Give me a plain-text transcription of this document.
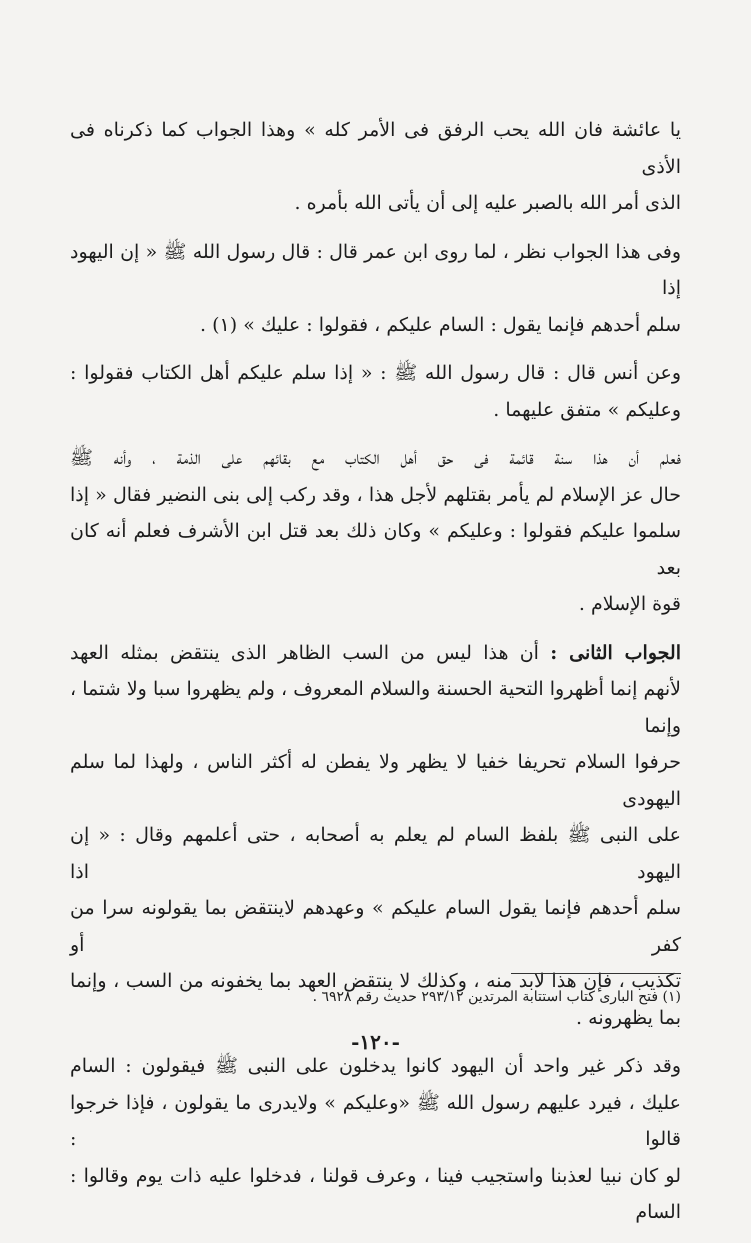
يا عائشة فان الله يحب الرفق فى الأمر كله » وهذا الجواب كما ذكرناه فى الأذى
الذى أمر الله بالصبر عليه إلى أن يأتى الله بأمره .

وفى هذا الجواب نظر ، لما روى ابن عمر قال : قال رسول الله ﷺ « إن اليهود إذا
سلم أحدهم فإنما يقول : السام عليكم ، فقولوا : عليك » (١) .

وعن أنس قال : قال رسول الله ﷺ : « إذا سلم عليكم أهل الكتاب فقولوا :
وعليكم » متفق عليهما .

فعلم أن هذا سنة قائمة فى حق أهل الكتاب مع بقائهم على الذمة ، وأنه ﷺ
حال عز الإسلام لم يأمر بقتلهم لأجل هذا ، وقد ركب إلى بنى النضير فقال « إذا
سلموا عليكم فقولوا : وعليكم » وكان ذلك بعد قتل ابن الأشرف فعلم أنه كان بعد
قوة الإسلام .

الجواب الثانى : أن هذا ليس من السب الظاهر الذى ينتقض بمثله العهد
لأنهم إنما أظهروا التحية الحسنة والسلام المعروف ، ولم يظهروا سبا ولا شتما ، وإنما
حرفوا السلام تحريفا خفيا لا يظهر ولا يفطن له أكثر الناس ، ولهذا لما سلم اليهودى
على النبى ﷺ بلفظ السام لم يعلم به أصحابه ، حتى أعلمهم وقال : « إن اليهود اذا
سلم أحدهم فإنما يقول السام عليكم » وعهدهم لاينتقض بما يقولونه سرا من كفر أو
تكذيب ، فإن هذا لابد منه ، وكذلك لا ينتقض العهد بما يخفونه من السب ، وإنما
بما يظهرونه .

وقد ذكر غير واحد أن اليهود كانوا يدخلون على النبى ﷺ فيقولون : السام
عليك ، فيرد عليهم رسول الله ﷺ «وعليكم » ولايدرى ما يقولون ، فإذا خرجوا قالوا :
لو كان نبيا لعذبنا واستجيب فينا ، وعرف قولنا ، فدخلوا عليه ذات يوم وقالوا : السام

(١) فتح البارى كتاب استتابة المرتدين ٢٩٣/١٢ حديث رقم ٦٩٢٨ .
-١٢٠-
